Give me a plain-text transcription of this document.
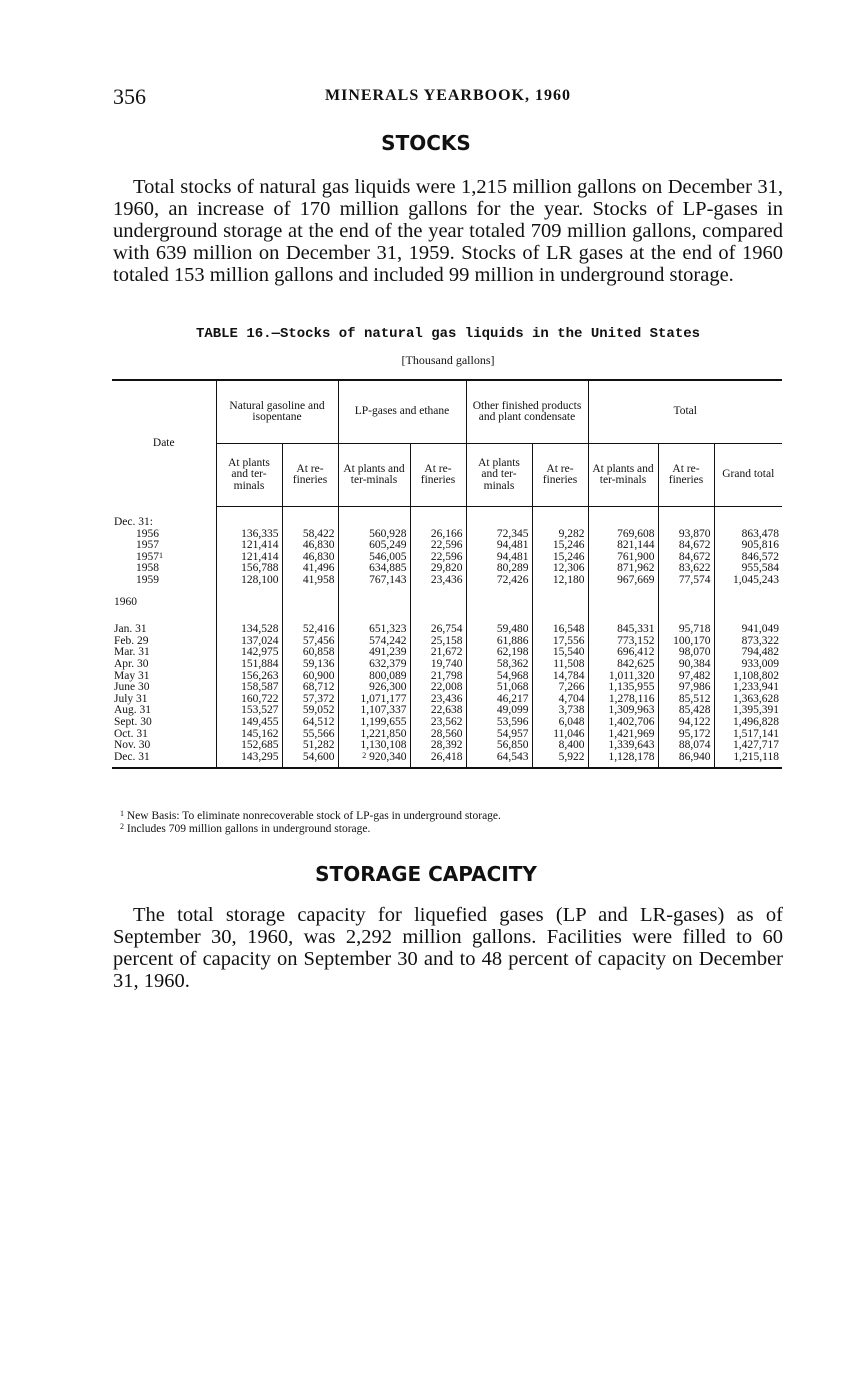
356	MINERALS YEARBOOK, 1960
STOCKS

Total stocks of natural gas liquids were 1,215 million gallons on December 31, 1960, an increase of 170 million gallons for the year. Stocks of LP-gases in underground storage at the end of the year totaled 709 million gallons, compared with 639 million on December 31, 1959. Stocks of LR gases at the end of 1960 totaled 153 million gallons and included 99 million in underground storage.

TABLE 16.—Stocks of natural gas liquids in the United States
[Thousand gallons]
Date	Natural gasoline and isopentane		LP-gases and ethane		Other finished products and plant condensate		Total		
	At plants and ter-minals	At re-fineries	At plants and ter-minals	At re-fineries	At plants and ter-minals	At re-fineries	At plants and ter-minals	At re-fineries	Grand total

Dec. 31:									
1956	136,335	58,422	560,928	26,166	72,345	9,282	769,608	93,870	863,478
1957	121,414	46,830	605,249	22,596	94,481	15,246	821,144	84,672	905,816
1957$^1$	121,414	46,830	546,005	22,596	94,481	15,246	761,900	84,672	846,572
1958	156,788	41,496	634,885	29,820	80,289	12,306	871,962	83,622	955,584
1959	128,100	41,958	767,143	23,436	72,426	12,180	967,669	77,574	1,045,243

1960									

Jan. 31	134,528	52,416	651,323	26,754	59,480	16,548	845,331	95,718	941,049
Feb. 29	137,024	57,456	574,242	25,158	61,886	17,556	773,152	100,170	873,322
Mar. 31	142,975	60,858	491,239	21,672	62,198	15,540	696,412	98,070	794,482
Apr. 30	151,884	59,136	632,379	19,740	58,362	11,508	842,625	90,384	933,009
May 31	156,263	60,900	800,089	21,798	54,968	14,784	1,011,320	97,482	1,108,802
June 30	158,587	68,712	926,300	22,008	51,068	7,266	1,135,955	97,986	1,233,941
July 31	160,722	57,372	1,071,177	23,436	46,217	4,704	1,278,116	85,512	1,363,628
Aug. 31	153,527	59,052	1,107,337	22,638	49,099	3,738	1,309,963	85,428	1,395,391
Sept. 30	149,455	64,512	1,199,655	23,562	53,596	6,048	1,402,706	94,122	1,496,828
Oct. 31	145,162	55,566	1,221,850	28,560	54,957	11,046	1,421,969	95,172	1,517,141
Nov. 30	152,685	51,282	1,130,108	28,392	56,850	8,400	1,339,643	88,074	1,427,717
Dec. 31	143,295	54,600	$^2$ 920,340	26,418	64,543	5,922	1,128,178	86,940	1,215,118

$^1$ New Basis: To eliminate nonrecoverable stock of LP-gas in underground storage.

$^2$ Includes 709 million gallons in underground storage.

STORAGE CAPACITY

The total storage capacity for liquefied gases (LP and LR-gases) as of September 30, 1960, was 2,292 million gallons. Facilities were filled to 60 percent of capacity on September 30 and to 48 percent of capacity on December 31, 1960.
